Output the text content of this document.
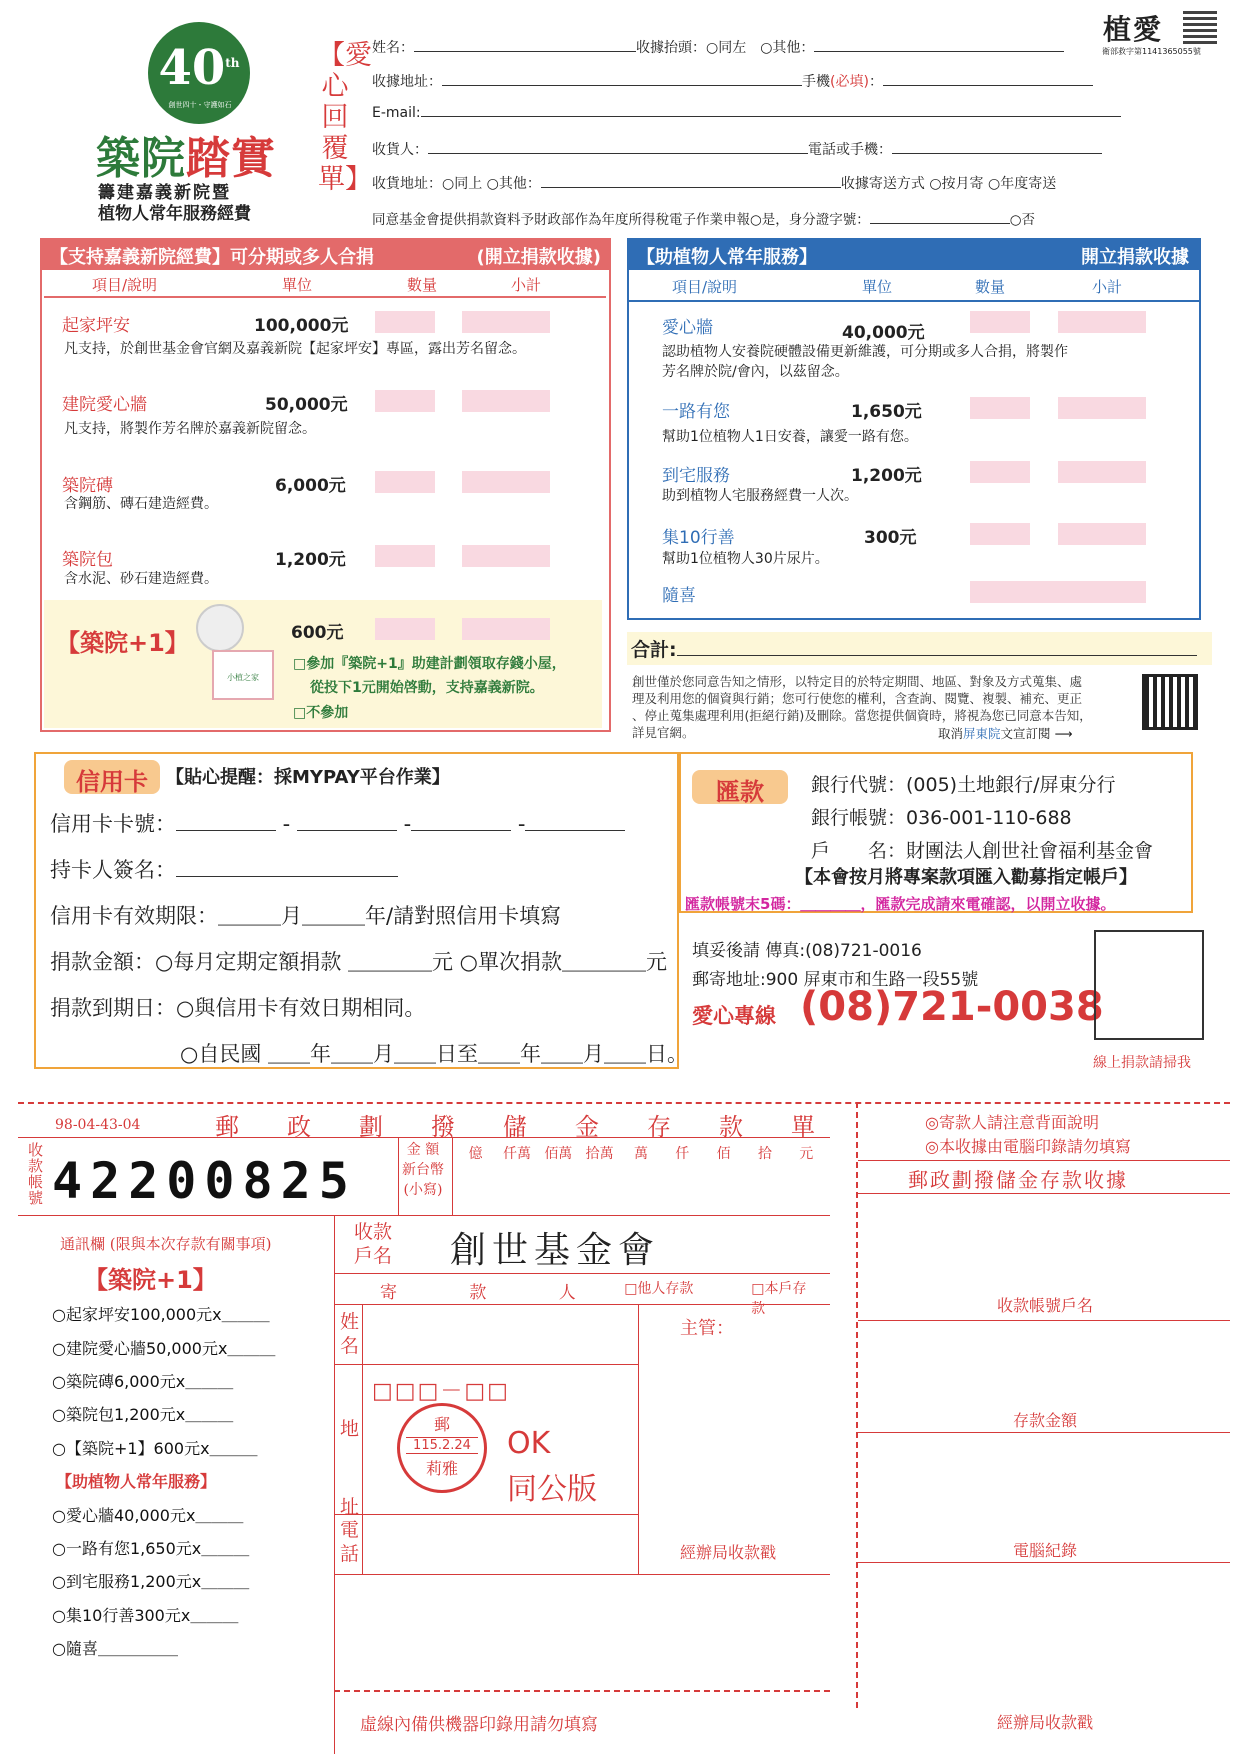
40th
創世四十・守護如石
築院踏實
籌建嘉義新院暨
植物人常年服務經費
【愛心回覆單】
植愛
衛部救字第1141365055號
姓名：	收據抬頭：○同左　○其他：
收據地址：	手機(必填)：
E-mail:
收貨人：	電話或手機：
收貨地址：○同上 ○其他：	收據寄送方式 ○按月寄 ○年度寄送
同意基金會提供捐款資料予財政部作為年度所得稅電子作業申報○是，身分證字號：	○否
【支持嘉義新院經費】可分期或多人合捐	(開立捐款收據)
項目/說明	單位	數量	小計
起家坪安	100,000元
凡支持，於創世基金會官網及嘉義新院【起家坪安】專區，露出芳名留念。
建院愛心牆	50,000元
凡支持，將製作芳名牌於嘉義新院留念。
築院磚	6,000元
含鋼筋、磚石建造經費。
築院包	1,200元
含水泥、砂石建造經費。
【築院+1】
小植之家
600元
□參加『築院+1』助建計劃領取存錢小屋，
從投下1元開始啓動，支持嘉義新院。
□不參加
【助植物人常年服務】	開立捐款收據
項目/說明	單位	數量	小計
愛心牆	40,000元
認助植物人安養院硬體設備更新維護，可分期或多人合捐，將製作
芳名牌於院/會內，以茲留念。
一路有您	1,650元
幫助1位植物人1日安養，讓愛一路有您。
到宅服務	1,200元
助到植物人宅服務經費一人次。
集10行善	300元
幫助1位植物人30片尿片。
隨喜
合計:
創世僅於您同意告知之情形，以特定目的於特定期間、地區、對象及方式蒐集、處
理及利用您的個資與行銷；您可行使您的權利，含查詢、閱覽、複製、補充、更正
、停止蒐集處理利用(拒絕行銷)及刪除。當您提供個資時，將視為您已同意本告知，
詳見官網。	取消屏東院文宣訂閱 ⟶
信用卡	【貼心提醒：採MYPAY平台作業】
信用卡卡號：	-	-	-
持卡人簽名：
信用卡有效期限：＿＿＿月＿＿＿年/請對照信用卡填寫
捐款金額：○每月定期定額捐款 ＿＿＿＿元 ○單次捐款＿＿＿＿元
捐款到期日：○與信用卡有效日期相同。
○自民國 ＿＿年＿＿月＿＿日至＿＿年＿＿月＿＿日。
匯款	銀行代號：(005)土地銀行/屏東分行
銀行帳號：036-001-110-688
戶　　名：財團法人創世社會福利基金會
【本會按月將專案款項匯入勸募指定帳戶】
匯款帳號末5碼：＿＿＿＿，匯款完成請來電確認，以開立收據。
填妥後請 傳真:(08)721-0016
郵寄地址:900 屏東市和生路一段55號
愛心專線 (08)721-0038
線上捐款請掃我
98-04-43-04	郵 政 劃 撥 儲 金 存 款 單	◎寄款人請注意背面說明
◎本收據由電腦印錄請勿填寫
郵政劃撥儲金存款收據
收
款
帳
號 42200825
金 額
新台幣
(小寫)
億	仟萬 佰萬 拾萬	萬	仟	佰	拾	元
通訊欄 (限與本次存款有關事項)
【築院+1】
○起家坪安100,000元x＿＿＿
○建院愛心牆50,000元x＿＿＿
○築院磚6,000元x＿＿＿
○築院包1,200元x＿＿＿
○【築院+1】600元x＿＿＿
【助植物人常年服務】
○愛心牆40,000元x＿＿＿
○一路有您1,650元x＿＿＿
○到宅服務1,200元x＿＿＿
○集10行善300元x＿＿＿
○隨喜＿＿＿＿＿
收款戶名	創世基金會
寄	款	人	□他人存款	□本戶存款
姓名
地址
□□□－□□
電話
主管：
郵
115.2.24
莉雅
OK
同公版
經辦局收款戳
收款帳號戶名
存款金額
電腦紀錄
虛線內備供機器印錄用請勿填寫	經辦局收款戳
